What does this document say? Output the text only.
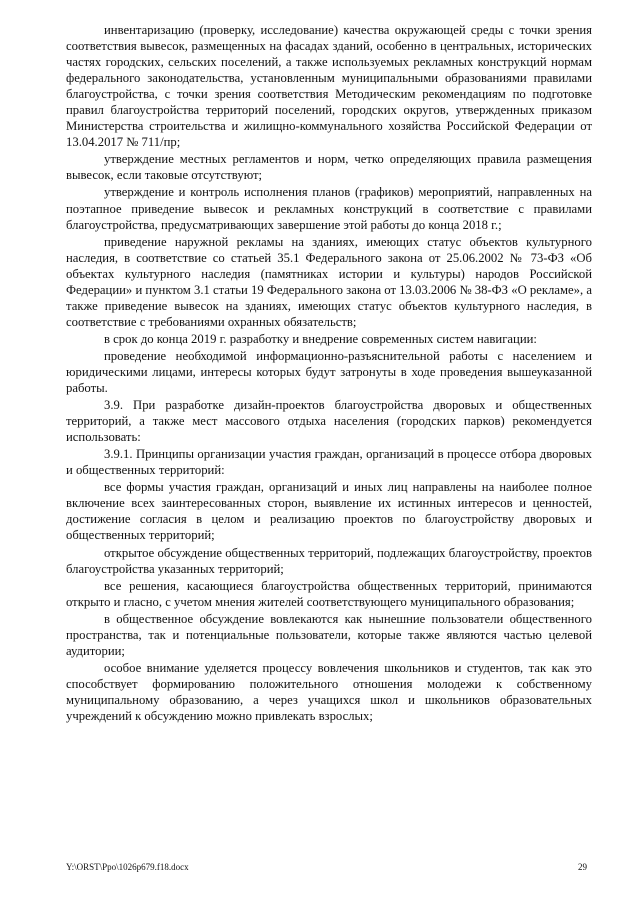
инвентаризацию (проверку, исследование) качества окружающей среды с точки зрения соответствия вывесок, размещенных на фасадах зданий, особенно в центральных, исторических частях городских, сельских поселений, а также используемых рекламных конструкций нормам федерального законодательства, установленным муниципальными образованиями правилами благоустройства, с точки зрения соответствия Методическим рекомендациям по подготовке правил благоустройства территорий поселений, городских округов, утвержденных приказом Министерства строительства и жилищно-коммунального хозяйства Российской Федерации от 13.04.2017 № 711/пр;

утверждение местных регламентов и норм, четко определяющих правила размещения вывесок, если таковые отсутствуют;

утверждение и контроль исполнения планов (графиков) мероприятий, направленных на поэтапное приведение вывесок и рекламных конструкций в соответствие с правилами благоустройства, предусматривающих завершение этой работы до конца 2018 г.;

приведение наружной рекламы на зданиях, имеющих статус объектов культурного наследия, в соответствие со статьей 35.1 Федерального закона от 25.06.2002 № 73-ФЗ «Об объектах культурного наследия (памятниках истории и культуры) народов Российской Федерации» и пунктом 3.1 статьи 19 Федерального закона от 13.03.2006 № 38-ФЗ «О рекламе», а также приведение вывесок на зданиях, имеющих статус объектов культурного наследия, в соответствие с требованиями охранных обязательств;

в срок до конца 2019 г. разработку и внедрение современных систем навигации:

проведение необходимой информационно-разъяснительной работы с населением и юридическими лицами, интересы которых будут затронуты в ходе проведения вышеуказанной работы.

3.9. При разработке дизайн-проектов благоустройства дворовых и общественных территорий, а также мест массового отдыха населения (городских парков) рекомендуется использовать:

3.9.1. Принципы организации участия граждан, организаций в процессе отбора дворовых и общественных территорий:

все формы участия граждан, организаций и иных лиц направлены на наиболее полное включение всех заинтересованных сторон, выявление их истинных интересов и ценностей, достижение согласия в целом и реализацию проектов по благоустройству дворовых и общественных территорий;

открытое обсуждение общественных территорий, подлежащих благоустройству, проектов благоустройства указанных территорий;

все решения, касающиеся благоустройства общественных территорий, принимаются открыто и гласно, с учетом мнения жителей соответствующего муниципального образования;

в общественное обсуждение вовлекаются как нынешние пользователи общественного пространства, так и потенциальные пользователи, которые также являются частью целевой аудитории;

особое внимание уделяется процессу вовлечения школьников и студентов, так как это способствует формированию положительного отношения молодежи к собственному муниципальному образованию, а через учащихся школ и школьников образовательных учреждений к обсуждению можно привлекать взрослых;

Y:\ORST\Ppo\1026p679.f18.docx	29
